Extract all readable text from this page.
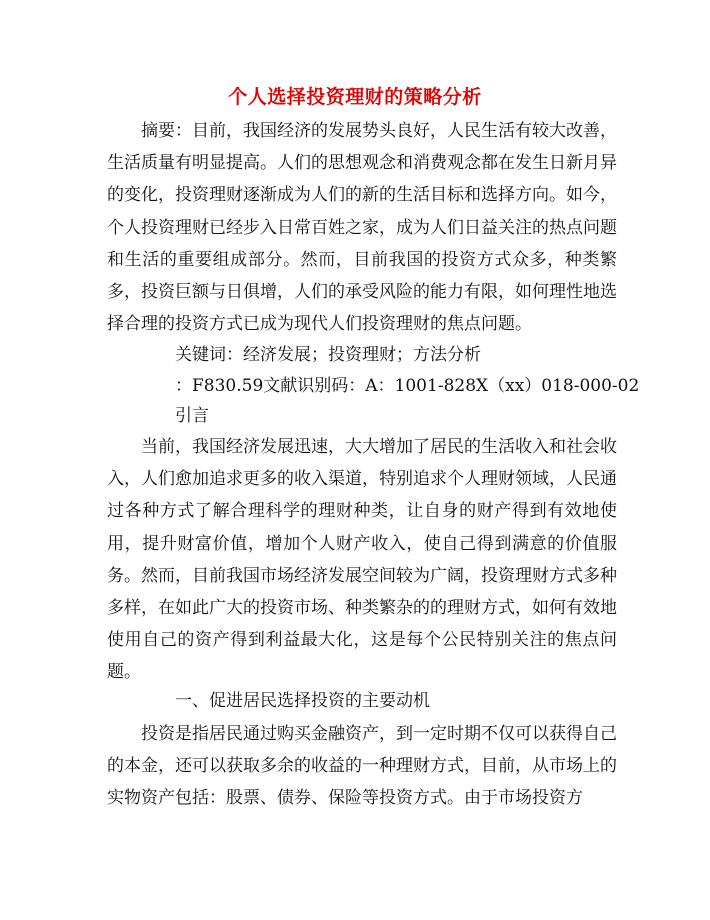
个人选择投资理财的策略分析

摘要：目前，我国经济的发展势头良好，人民生活有较大改善，生活质量有明显提高。人们的思想观念和消费观念都在发生日新月异的变化，投资理财逐渐成为人们的新的生活目标和选择方向。如今，个人投资理财已经步入日常百姓之家，成为人们日益关注的热点问题和生活的重要组成部分。然而，目前我国的投资方式众多，种类繁多，投资巨额与日俱增，人们的承受风险的能力有限，如何理性地选择合理的投资方式已成为现代人们投资理财的焦点问题。

关键词：经济发展；投资理财；方法分析

：F830.59文献识别码：A：1001-828X（xx）018-000-02

引言

当前，我国经济发展迅速，大大增加了居民的生活收入和社会收入，人们愈加追求更多的收入渠道，特别追求个人理财领域，人民通过各种方式了解合理科学的理财种类，让自身的财产得到有效地使用，提升财富价值，增加个人财产收入，使自己得到满意的价值服务。然而，目前我国市场经济发展空间较为广阔，投资理财方式多种多样，在如此广大的投资市场、种类繁杂的的理财方式，如何有效地使用自己的资产得到利益最大化，这是每个公民特别关注的焦点问题。

一、促进居民选择投资的主要动机

投资是指居民通过购买金融资产，到一定时期不仅可以获得自己的本金，还可以获取多余的收益的一种理财方式，目前，从市场上的实物资产包括：股票、债券、保险等投资方式。由于市场投资方
